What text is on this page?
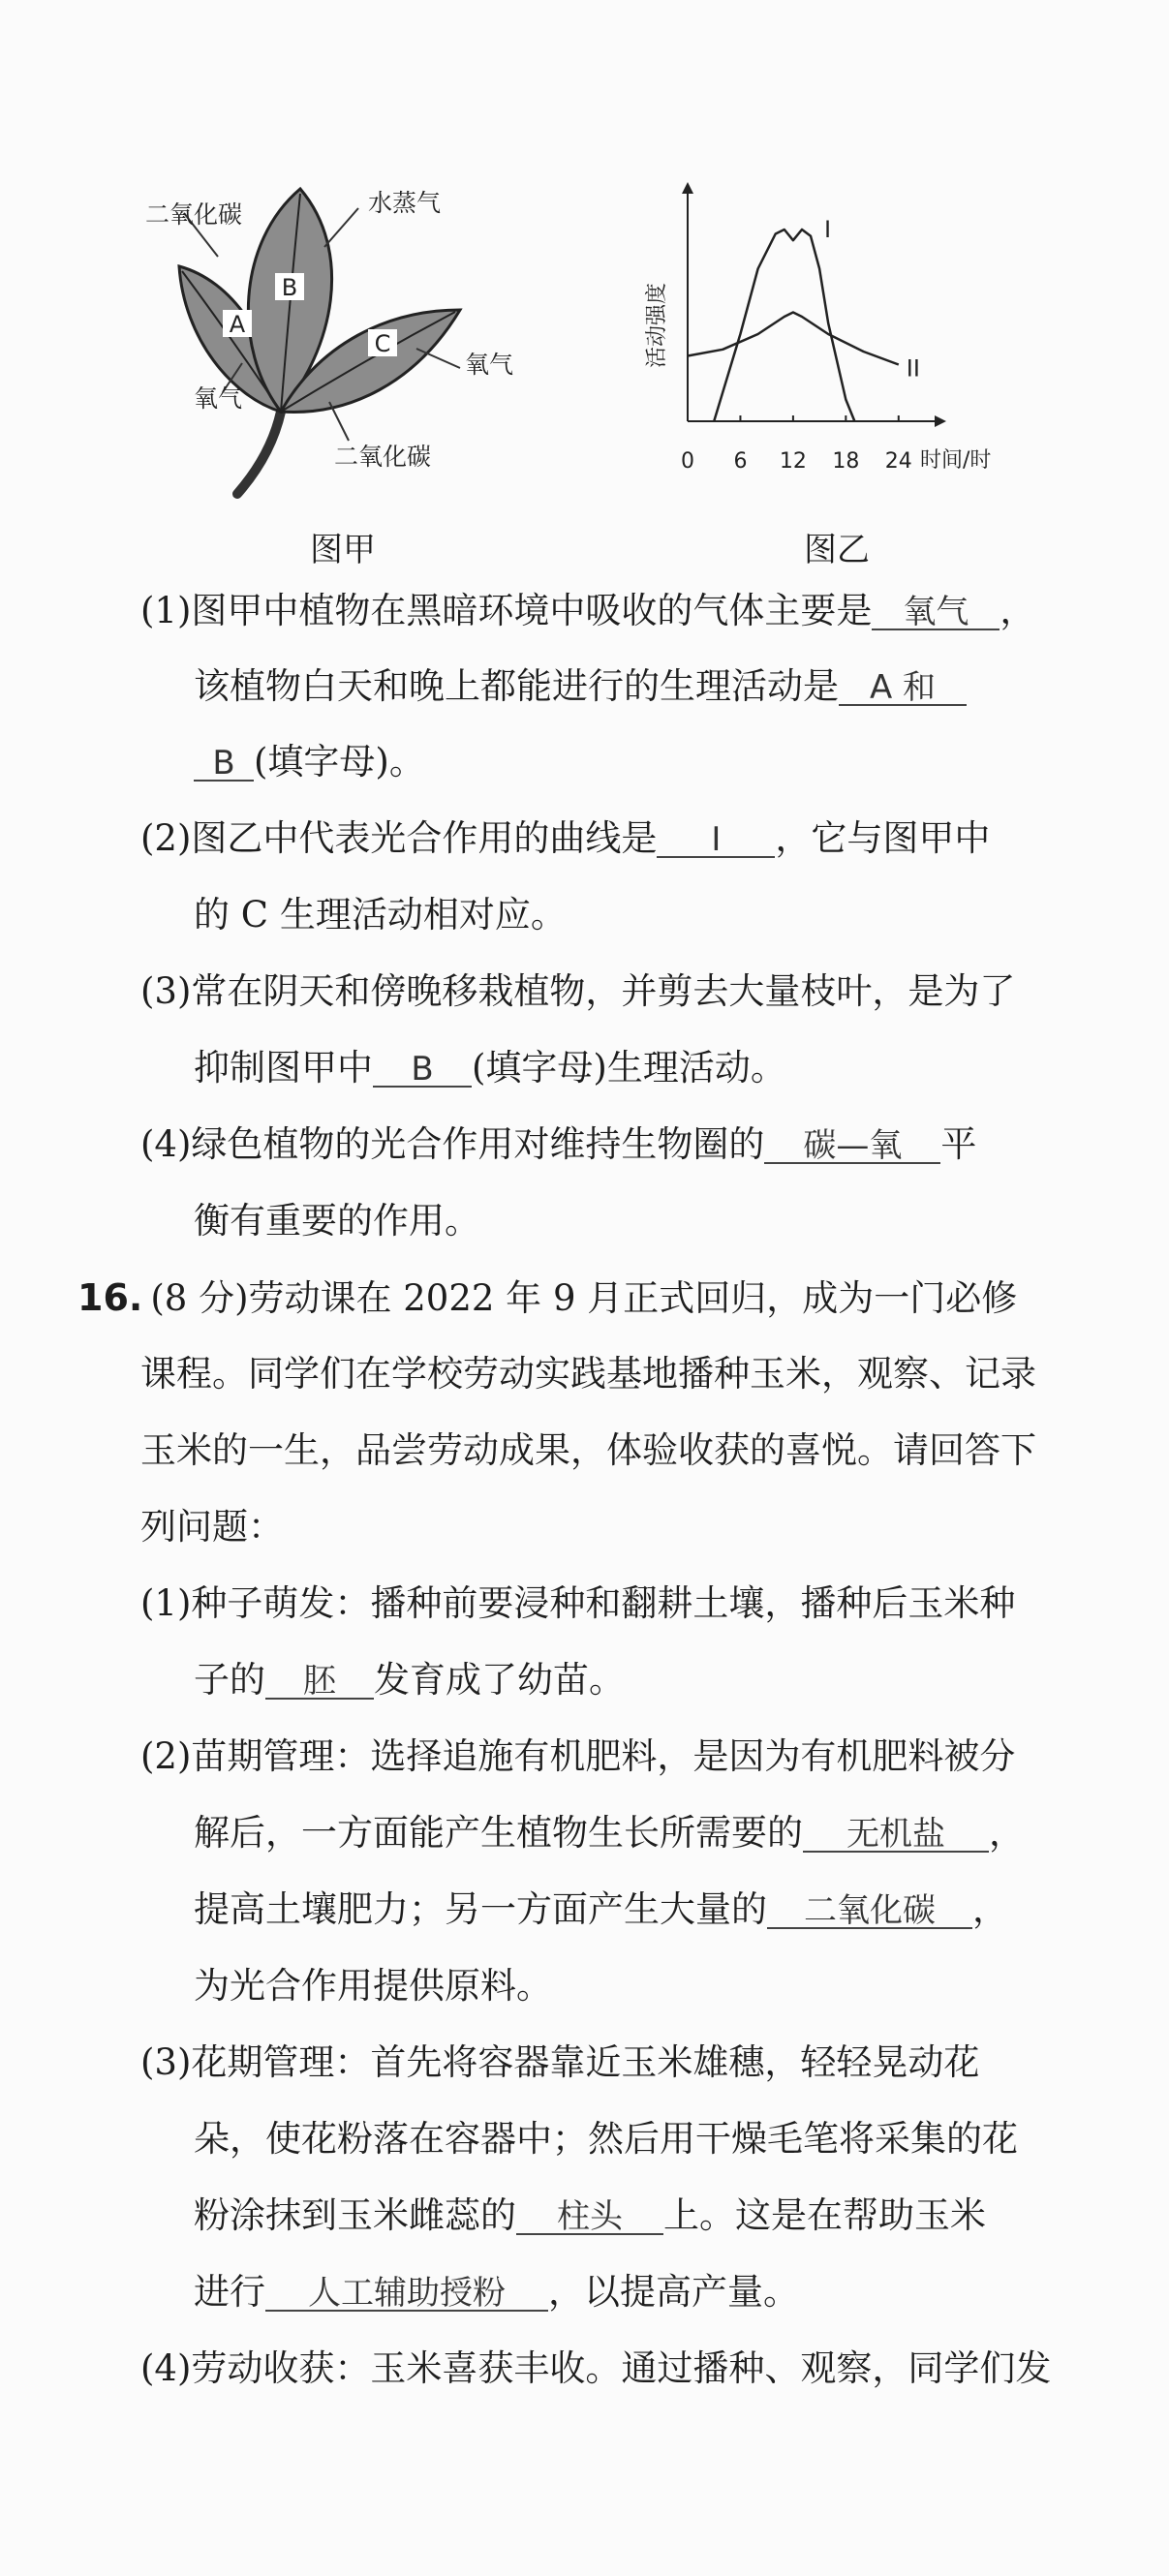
A
B
C
二氧化碳	水蒸气
氧气
氧气
二氧化碳	0 6 12 18 24
I
II
活动强度
时间/时
图甲	图乙
(1)图甲中植物在黑暗环境中吸收的气体主要是 氧气 ，
该植物白天和晚上都能进行的生理活动是 A 和
B (填字母)。
(2)图乙中代表光合作用的曲线是 Ⅰ ，它与图甲中
的 C 生理活动相对应。
(3)常在阴天和傍晚移栽植物，并剪去大量枝叶，是为了
抑制图甲中 B (填字母)生理活动。
(4)绿色植物的光合作用对维持生物圈的 碳—氧 平
衡有重要的作用。
16. (8 分)劳动课在 2022 年 9 月正式回归，成为一门必修
课程。同学们在学校劳动实践基地播种玉米，观察、记录
玉米的一生，品尝劳动成果，体验收获的喜悦。请回答下
列问题：
(1)种子萌发：播种前要浸种和翻耕土壤，播种后玉米种
子的 胚 发育成了幼苗。
(2)苗期管理：选择追施有机肥料，是因为有机肥料被分
解后，一方面能产生植物生长所需要的 无机盐 ，
提高土壤肥力；另一方面产生大量的 二氧化碳 ，
为光合作用提供原料。
(3)花期管理：首先将容器靠近玉米雄穗，轻轻晃动花
朵，使花粉落在容器中；然后用干燥毛笔将采集的花
粉涂抹到玉米雌蕊的 柱头 上。这是在帮助玉米
进行 人工辅助授粉 ，以提高产量。
(4)劳动收获：玉米喜获丰收。通过播种、观察，同学们发
